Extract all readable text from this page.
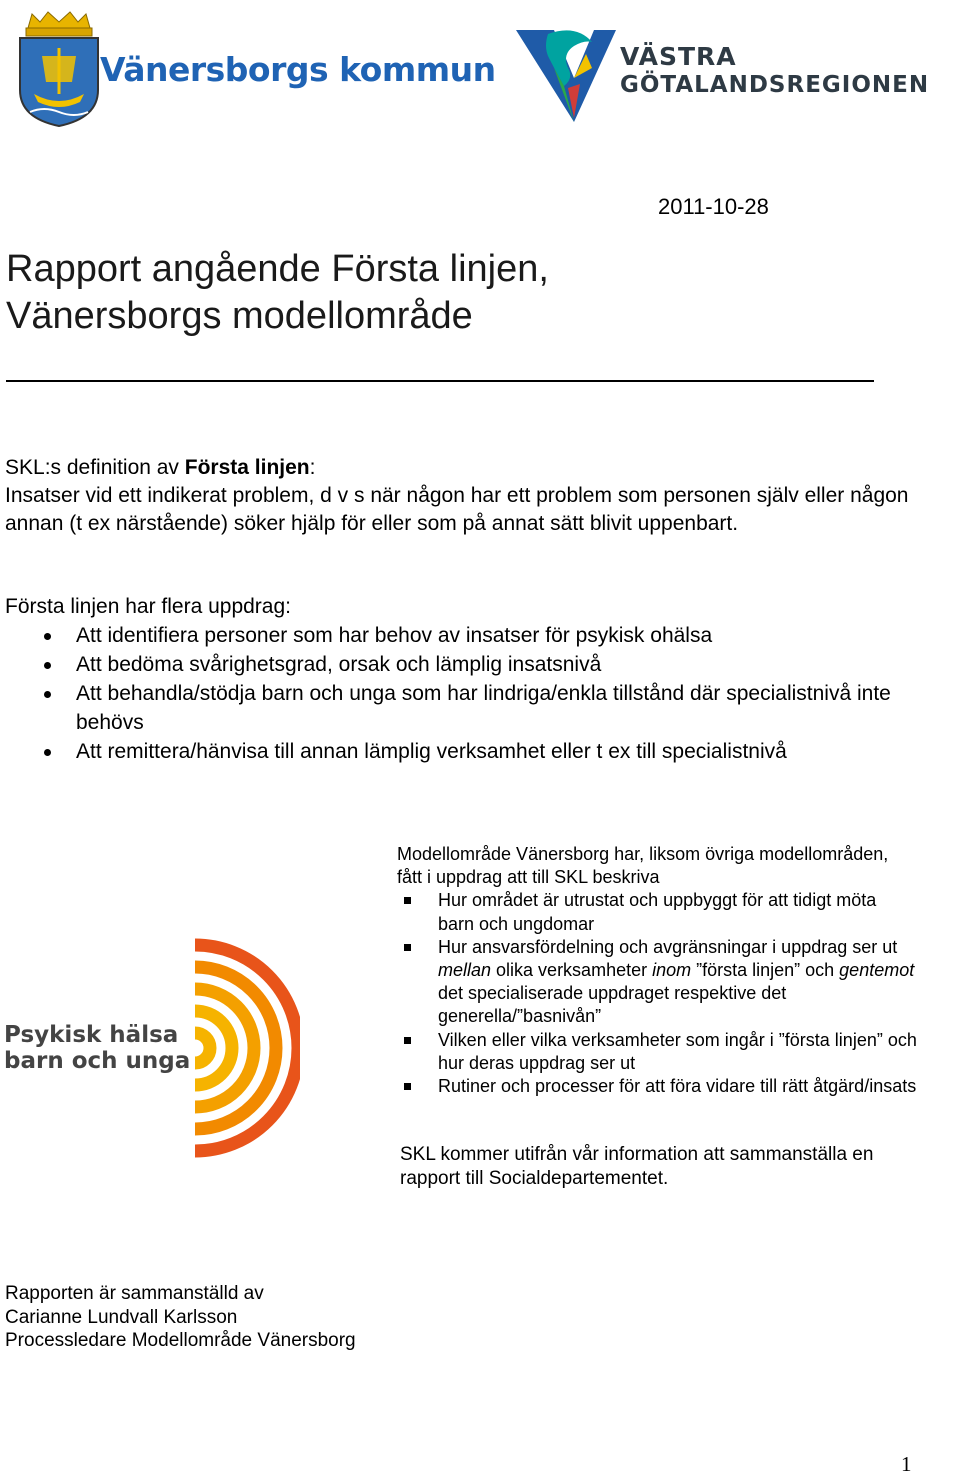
Vänersborgs kommun	VÄSTRA
GÖTALANDSREGIONEN
2011-10-28
Rapport angående Första linjen,
Vänersborgs modellområde
SKL:s definition av Första linjen:
Insatser vid ett indikerat problem, d v s när någon har ett problem som personen själv eller någon annan (t ex närstående) söker hjälp för eller som på annat sätt blivit uppenbart.
Första linjen har flera uppdrag:
Att identifiera personer som har behov av insatser för psykisk ohälsa
Att bedöma svårighetsgrad, orsak och lämplig insatsnivå
Att behandla/stödja barn och unga som har lindriga/enkla tillstånd där specialistnivå inte behövs
Att remittera/hänvisa till annan lämplig verksamhet eller t ex till specialistnivå
Psykisk hälsa
barn och unga
Modellområde Vänersborg har, liksom övriga modellområden, fått i uppdrag att till SKL beskriva
Hur området är utrustat och uppbyggt för att tidigt möta barn och ungdomar
Hur ansvarsfördelning och avgränsningar i uppdrag ser ut mellan olika verksamheter inom ”första linjen” och gentemot det specialiserade uppdraget respektive det generella/”basnivån”
Vilken eller vilka verksamheter som ingår i ”första linjen” och hur deras uppdrag ser ut
Rutiner och processer för att föra vidare till rätt åtgärd/insats
SKL kommer utifrån vår information att sammanställa en rapport till Socialdepartementet.
Rapporten är sammanställd av
Carianne Lundvall Karlsson
Processledare Modellområde Vänersborg
1
